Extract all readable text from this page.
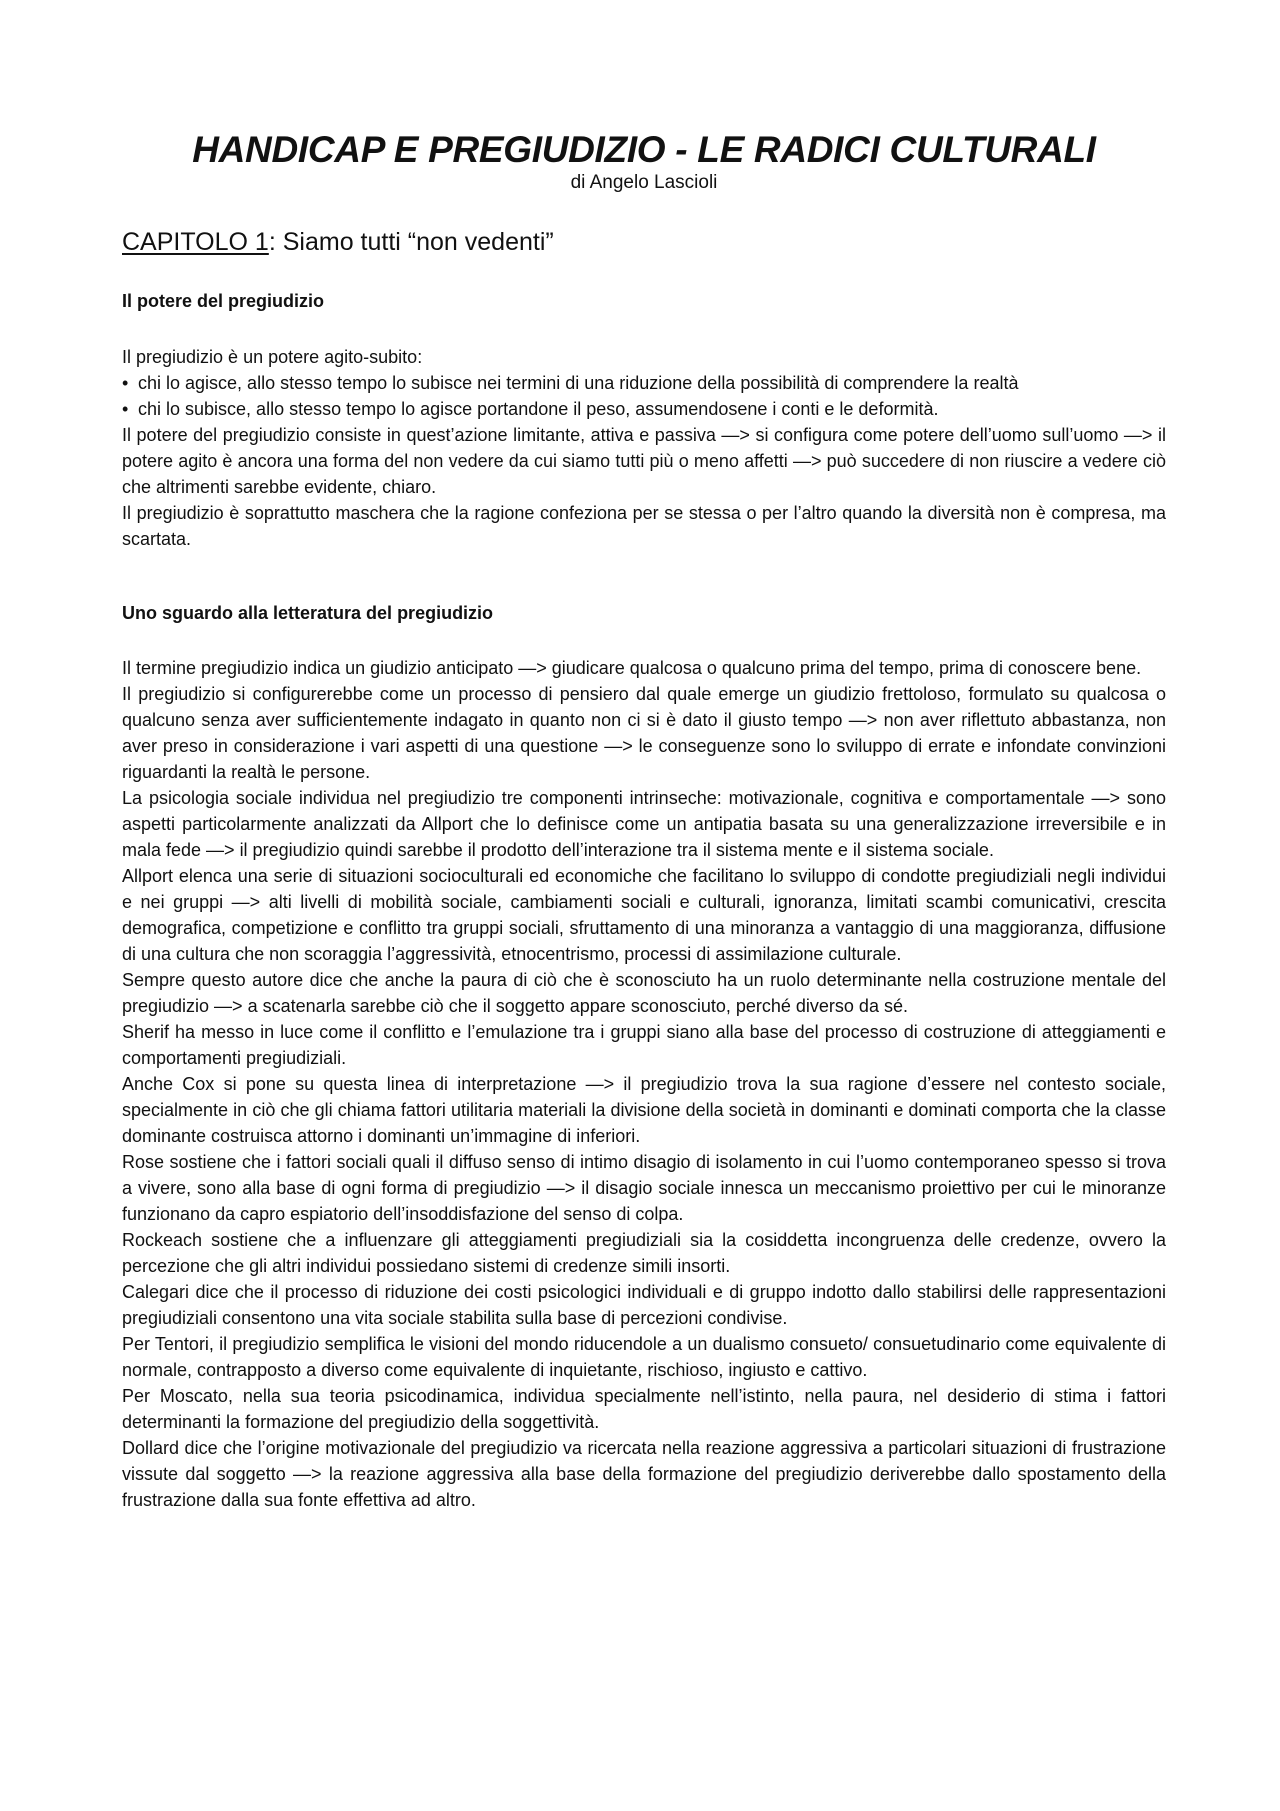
HANDICAP E PREGIUDIZIO - LE RADICI CULTURALI
di Angelo Lascioli
CAPITOLO 1: Siamo tutti “non vedenti”
Il potere del pregiudizio

Il pregiudizio è un potere agito-subito:

• chi lo agisce, allo stesso tempo lo subisce nei termini di una riduzione della possibilità di comprendere la realtà
• chi lo subisce, allo stesso tempo lo agisce portandone il peso, assumendosene i conti e le deformità.

Il potere del pregiudizio consiste in quest’azione limitante, attiva e passiva —> si configura come potere dell’uomo sull’uomo —> il potere agito è ancora una forma del non vedere da cui siamo tutti più o meno affetti —> può succedere di non riuscire a vedere ciò che altrimenti sarebbe evidente, chiaro.

Il pregiudizio è soprattutto maschera che la ragione confeziona per se stessa o per l’altro quando la diversità non è compresa, ma scartata.

Uno sguardo alla letteratura del pregiudizio

Il termine pregiudizio indica un giudizio anticipato —> giudicare qualcosa o qualcuno prima del tempo, prima di conoscere bene.

Il pregiudizio si configurerebbe come un processo di pensiero dal quale emerge un giudizio frettoloso, formulato su qualcosa o qualcuno senza aver sufficientemente indagato in quanto non ci si è dato il giusto tempo —> non aver riflettuto abbastanza, non aver preso in considerazione i vari aspetti di una questione —> le conseguenze sono lo sviluppo di errate e infondate convinzioni riguardanti la realtà le persone.

La psicologia sociale individua nel pregiudizio tre componenti intrinseche: motivazionale, cognitiva e comportamentale —> sono aspetti particolarmente analizzati da Allport che lo definisce come un antipatia basata su una generalizzazione irreversibile e in mala fede —> il pregiudizio quindi sarebbe il prodotto dell’interazione tra il sistema mente e il sistema sociale.

Allport elenca una serie di situazioni socioculturali ed economiche che facilitano lo sviluppo di condotte pregiudiziali negli individui e nei gruppi —> alti livelli di mobilità sociale, cambiamenti sociali e culturali, ignoranza, limitati scambi comunicativi, crescita demografica, competizione e conflitto tra gruppi sociali, sfruttamento di una minoranza a vantaggio di una maggioranza, diffusione di una cultura che non scoraggia l’aggressività, etnocentrismo, processi di assimilazione culturale.

Sempre questo autore dice che anche la paura di ciò che è sconosciuto ha un ruolo determinante nella costruzione mentale del pregiudizio —> a scatenarla sarebbe ciò che il soggetto appare sconosciuto, perché diverso da sé.

Sherif ha messo in luce come il conflitto e l’emulazione tra i gruppi siano alla base del processo di costruzione di atteggiamenti e comportamenti pregiudiziali.

Anche Cox si pone su questa linea di interpretazione —> il pregiudizio trova la sua ragione d’essere nel contesto sociale, specialmente in ciò che gli chiama fattori utilitaria materiali la divisione della società in dominanti e dominati comporta che la classe dominante costruisca attorno i dominanti un’immagine di inferiori.

Rose sostiene che i fattori sociali quali il diffuso senso di intimo disagio di isolamento in cui l’uomo contemporaneo spesso si trova a vivere, sono alla base di ogni forma di pregiudizio —> il disagio sociale innesca un meccanismo proiettivo per cui le minoranze funzionano da capro espiatorio dell’insoddisfazione del senso di colpa.

Rockeach sostiene che a influenzare gli atteggiamenti pregiudiziali sia la cosiddetta incongruenza delle credenze, ovvero la percezione che gli altri individui possiedano sistemi di credenze simili insorti.

Calegari dice che il processo di riduzione dei costi psicologici individuali e di gruppo indotto dallo stabilirsi delle rappresentazioni pregiudiziali consentono una vita sociale stabilita sulla base di percezioni condivise.

Per Tentori, il pregiudizio semplifica le visioni del mondo riducendole a un dualismo consueto/ consuetudinario come equivalente di normale, contrapposto a diverso come equivalente di inquietante, rischioso, ingiusto e cattivo.

Per Moscato, nella sua teoria psicodinamica, individua specialmente nell’istinto, nella paura, nel desiderio di stima i fattori determinanti la formazione del pregiudizio della soggettività.

Dollard dice che l’origine motivazionale del pregiudizio va ricercata nella reazione aggressiva a particolari situazioni di frustrazione vissute dal soggetto —> la reazione aggressiva alla base della formazione del pregiudizio deriverebbe dallo spostamento della frustrazione dalla sua fonte effettiva ad altro.
